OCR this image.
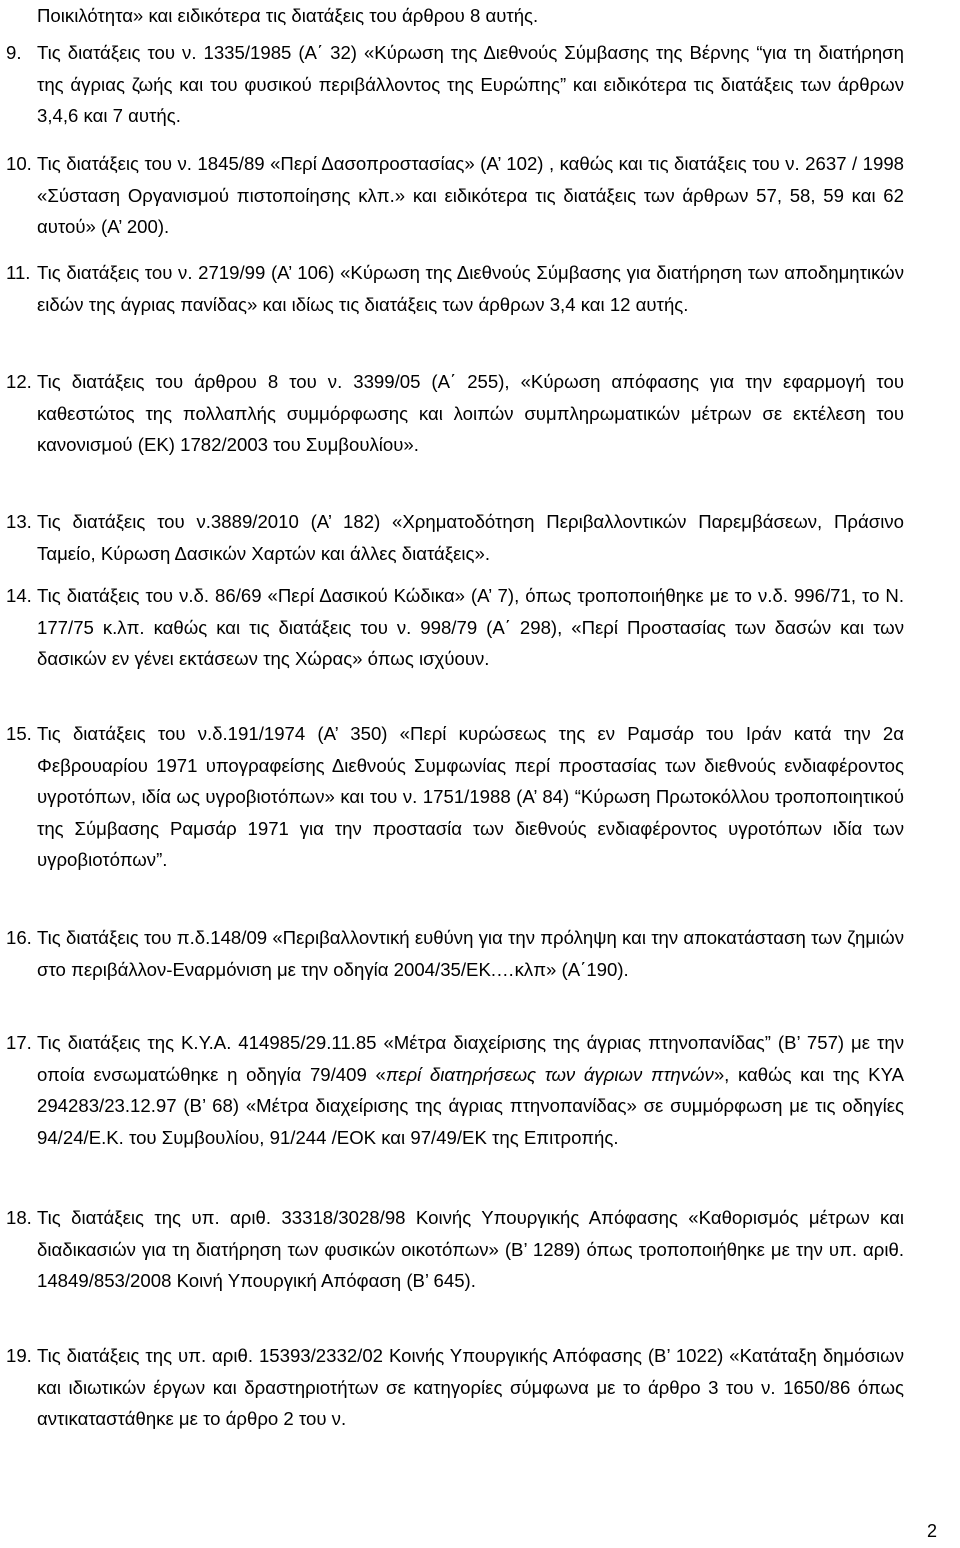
Ποικιλότητα» και ειδικότερα τις διατάξεις του άρθρου 8 αυτής.

9. Τις διατάξεις του ν. 1335/1985 (Α΄ 32) «Κύρωση της Διεθνούς Σύμβασης της Βέρνης “για τη διατήρηση της άγριας ζωής και του φυσικού περιβάλλοντος της Ευρώπης” και ειδικότερα τις διατάξεις των άρθρων 3,4,6 και 7 αυτής.
10. Τις διατάξεις του ν. 1845/89 «Περί Δασοπροστασίας» (Α’ 102) , καθώς και τις διατάξεις του ν. 2637 / 1998 «Σύσταση Οργανισμού πιστοποίησης κλπ.» και ειδικότερα τις διατάξεις των άρθρων 57, 58, 59 και 62 αυτού» (Α’ 200).
11. Τις διατάξεις του ν. 2719/99 (Α’ 106) «Κύρωση της Διεθνούς Σύμβασης για διατήρηση των αποδημητικών ειδών της άγριας πανίδας» και ιδίως τις διατάξεις των άρθρων 3,4 και 12 αυτής.
12. Τις διατάξεις του άρθρου 8 του ν. 3399/05 (Α΄ 255), «Κύρωση απόφασης για την εφαρμογή του καθεστώτος της πολλαπλής συμμόρφωσης και λοιπών συμπληρωματικών μέτρων σε εκτέλεση του κανονισμού (ΕΚ) 1782/2003 του Συμβουλίου».
13. Τις διατάξεις του ν.3889/2010 (Α’ 182) «Χρηματοδότηση Περιβαλλοντικών Παρεμβάσεων, Πράσινο Ταμείο, Κύρωση Δασικών Χαρτών και άλλες διατάξεις».
14. Τις διατάξεις του ν.δ. 86/69 «Περί Δασικού Κώδικα» (Α’ 7), όπως τροποποιήθηκε με το ν.δ. 996/71, το Ν. 177/75 κ.λπ. καθώς και τις διατάξεις του ν. 998/79 (Α΄ 298), «Περί Προστασίας των δασών και των δασικών εν γένει εκτάσεων της Χώρας» όπως ισχύουν.
15. Τις διατάξεις του ν.δ.191/1974 (Α’ 350) «Περί κυρώσεως της εν Ραμσάρ του Ιράν κατά την 2α Φεβρουαρίου 1971 υπογραφείσης Διεθνούς Συμφωνίας περί προστασίας των διεθνούς ενδιαφέροντος υγροτόπων, ιδία ως υγροβιοτόπων» και του ν. 1751/1988 (Α’ 84) “Κύρωση Πρωτοκόλλου τροποποιητικού της Σύμβασης Ραμσάρ 1971 για την προστασία των διεθνούς ενδιαφέροντος υγροτόπων ιδία των υγροβιοτόπων”.
16. Τις διατάξεις του π.δ.148/09 «Περιβαλλοντική ευθύνη για την πρόληψη και την αποκατάσταση των ζημιών στο περιβάλλον-Εναρμόνιση με την οδηγία 2004/35/ΕΚ.…κλπ» (Α΄190).
17. Τις διατάξεις της Κ.Υ.Α. 414985/29.11.85 «Μέτρα διαχείρισης της άγριας πτηνοπανίδας” (Β’ 757) με την οποία ενσωματώθηκε η οδηγία 79/409 «περί διατηρήσεως των άγριων πτηνών», καθώς και της ΚΥΑ 294283/23.12.97 (Β’ 68) «Μέτρα διαχείρισης της άγριας πτηνοπανίδας» σε συμμόρφωση με τις οδηγίες 94/24/Ε.Κ. του Συμβουλίου, 91/244 /ΕΟΚ και 97/49/ΕΚ της Επιτροπής.
18. Τις διατάξεις της υπ. αριθ. 33318/3028/98 Κοινής Υπουργικής Απόφασης «Καθορισμός μέτρων και διαδικασιών για τη διατήρηση των φυσικών οικοτόπων» (Β’ 1289) όπως τροποποιήθηκε με την υπ. αριθ. 14849/853/2008 Κοινή Υπουργική Απόφαση (Β’ 645).
19. Τις διατάξεις της υπ. αριθ. 15393/2332/02 Κοινής Υπουργικής Απόφασης (Β’ 1022) «Κατάταξη δημόσιων και ιδιωτικών έργων και δραστηριοτήτων σε κατηγορίες σύμφωνα με το άρθρο 3 του ν. 1650/86 όπως αντικαταστάθηκε με το άρθρο 2 του ν.
2
